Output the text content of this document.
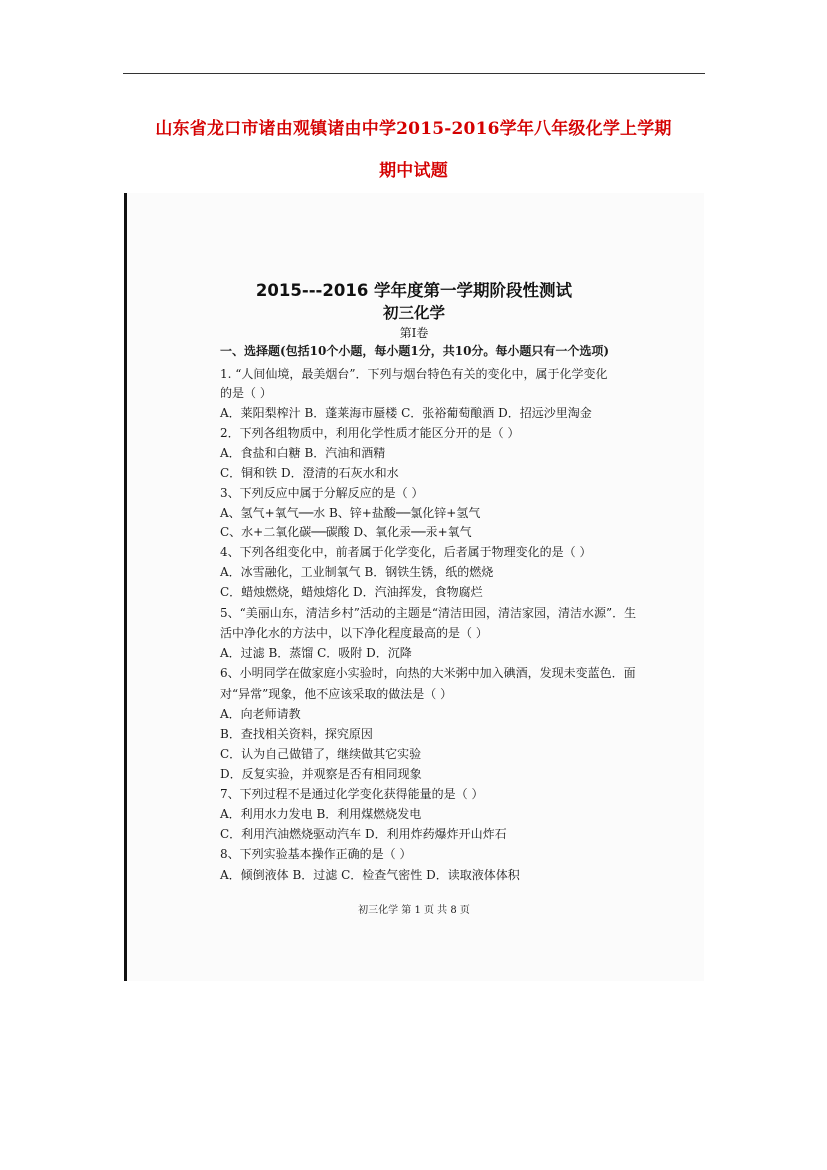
山东省龙口市诸由观镇诸由中学2015-2016学年八年级化学上学期
期中试题
2015---2016 学年度第一学期阶段性测试
初三化学
第Ⅰ卷
一、选择题(包括10个小题，每小题1分，共10分。每小题只有一个选项)
1. “人间仙境，最美烟台”．下列与烟台特色有关的变化中，属于化学变化
的是（ ）
A．莱阳梨榨汁 B．蓬莱海市蜃楼 C．张裕葡萄酿酒 D．招远沙里淘金
2．下列各组物质中，利用化学性质才能区分开的是（ ）
A．食盐和白糖 B．汽油和酒精
C．铜和铁 D．澄清的石灰水和水
3、下列反应中属于分解反应的是（ ）
A、氢气+氧气──水 B、锌+盐酸──氯化锌+氢气
C、水+二氧化碳──碳酸 D、氧化汞──汞+氧气
4、下列各组变化中，前者属于化学变化，后者属于物理变化的是（ ）
A．冰雪融化，工业制氧气 B．钢铁生锈，纸的燃烧
C．蜡烛燃烧，蜡烛熔化 D．汽油挥发，食物腐烂
5、“美丽山东，清洁乡村”活动的主题是“清洁田园，清洁家园，清洁水源”．生
活中净化水的方法中，以下净化程度最高的是（ ）
A．过滤 B．蒸馏 C．吸附 D．沉降
6、小明同学在做家庭小实验时，向热的大米粥中加入碘酒，发现未变蓝色．面
对“异常”现象，他不应该采取的做法是（ ）
A．向老师请教
B．查找相关资料，探究原因
C．认为自己做错了，继续做其它实验
D．反复实验，并观察是否有相同现象
7、下列过程不是通过化学变化获得能量的是（ ）
A．利用水力发电 B．利用煤燃烧发电
C．利用汽油燃烧驱动汽车 D．利用炸药爆炸开山炸石
8、下列实验基本操作正确的是（ ）
A．倾倒液体 B．过滤 C．检查气密性 D．读取液体体积
初三化学 第 1 页 共 8 页
